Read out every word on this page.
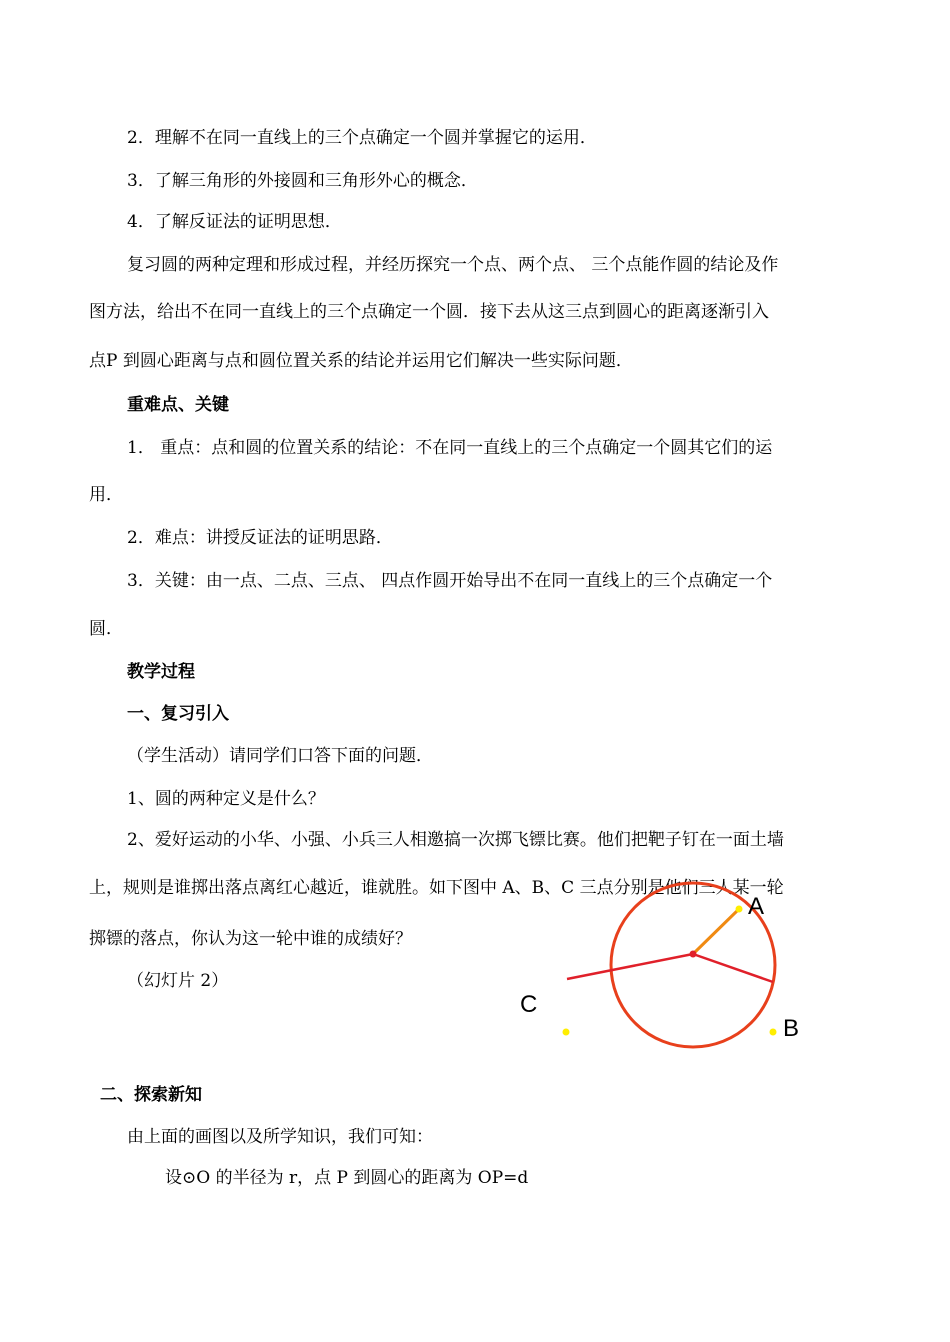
2．理解不在同一直线上的三个点确定一个圆并掌握它的运用．
3．了解三角形的外接圆和三角形外心的概念．
4．了解反证法的证明思想．
复习圆的两种定理和形成过程，并经历探究一个点、两个点、 三个点能作圆的结论及作
图方法，给出不在同一直线上的三个点确定一个圆．接下去从这三点到圆心的距离逐渐引入
点P 到圆心距离与点和圆位置关系的结论并运用它们解决一些实际问题．
重难点、关键
1． 重点：点和圆的位置关系的结论：不在同一直线上的三个点确定一个圆其它们的运
用．
2．难点：讲授反证法的证明思路．
3．关键：由一点、二点、三点、 四点作圆开始导出不在同一直线上的三个点确定一个
圆．
教学过程
一、复习引入
（学生活动）请同学们口答下面的问题．
1、圆的两种定义是什么？
2、爱好运动的小华、小强、小兵三人相邀搞一次掷飞镖比赛。他们把靶子钉在一面土墙
上，规则是谁掷出落点离红心越近，谁就胜。如下图中 A、B、C 三点分别是他们三人某一轮
掷镖的落点，你认为这一轮中谁的成绩好？
（幻灯片 2）
A
B
C
二、探索新知
由上面的画图以及所学知识，我们可知：
设⊙O 的半径为 r，点 P 到圆心的距离为 OP=d
